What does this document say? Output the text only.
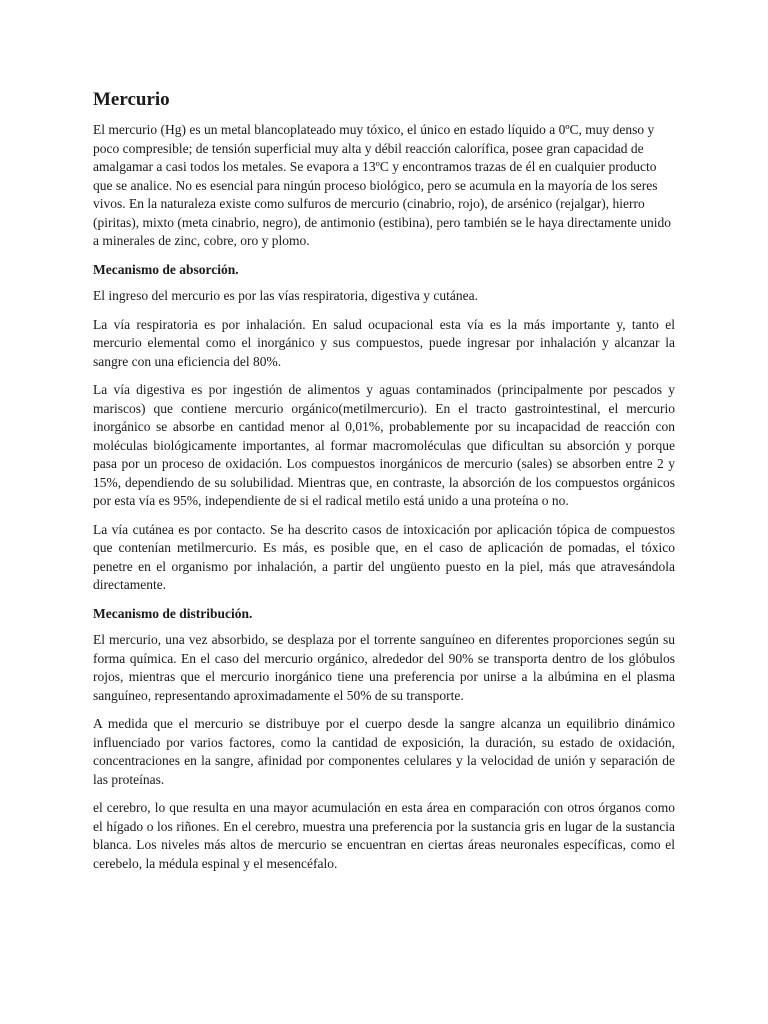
Mercurio

El mercurio (Hg) es un metal blancoplateado muy tóxico, el único en estado líquido a 0ºC, muy denso y poco compresible; de tensión superficial muy alta y débil reacción calorífica, posee gran capacidad de amalgamar a casi todos los metales. Se evapora a 13ºC y encontramos trazas de él en cualquier producto que se analice. No es esencial para ningún proceso biológico, pero se acumula en la mayoría de los seres vivos. En la naturaleza existe como sulfuros de mercurio (cinabrio, rojo), de arsénico (rejalgar), hierro (piritas), mixto (meta cinabrio, negro), de antimonio (estibina), pero también se le haya directamente unido a minerales de zinc, cobre, oro y plomo.

Mecanismo de absorción.

El ingreso del mercurio es por las vías respiratoria, digestiva y cutánea.

La vía respiratoria es por inhalación. En salud ocupacional esta vía es la más importante y, tanto el mercurio elemental como el inorgánico y sus compuestos, puede ingresar por inhalación y alcanzar la sangre con una eficiencia del 80%.

La vía digestiva es por ingestión de alimentos y aguas contaminados (principalmente por pescados y mariscos) que contiene mercurio orgánico(metilmercurio). En el tracto gastrointestinal, el mercurio inorgánico se absorbe en cantidad menor al 0,01%, probablemente por su incapacidad de reacción con moléculas biológicamente importantes, al formar macromoléculas que dificultan su absorción y porque pasa por un proceso de oxidación. Los compuestos inorgánicos de mercurio (sales) se absorben entre 2 y 15%, dependiendo de su solubilidad. Mientras que, en contraste, la absorción de los compuestos orgánicos por esta vía es 95%, independiente de si el radical metilo está unido a una proteína o no.

La vía cutánea es por contacto. Se ha descrito casos de intoxicación por aplicación tópica de compuestos que contenían metilmercurio. Es más, es posible que, en el caso de aplicación de pomadas, el tóxico penetre en el organismo por inhalación, a partir del ungüento puesto en la piel, más que atravesándola directamente.

Mecanismo de distribución.

El mercurio, una vez absorbido, se desplaza por el torrente sanguíneo en diferentes proporciones según su forma química. En el caso del mercurio orgánico, alrededor del 90% se transporta dentro de los glóbulos rojos, mientras que el mercurio inorgánico tiene una preferencia por unirse a la albúmina en el plasma sanguíneo, representando aproximadamente el 50% de su transporte.

A medida que el mercurio se distribuye por el cuerpo desde la sangre alcanza un equilibrio dinámico influenciado por varios factores, como la cantidad de exposición, la duración, su estado de oxidación, concentraciones en la sangre, afinidad por componentes celulares y la velocidad de unión y separación de las proteínas.

el cerebro, lo que resulta en una mayor acumulación en esta área en comparación con otros órganos como el hígado o los riñones. En el cerebro, muestra una preferencia por la sustancia gris en lugar de la sustancia blanca. Los niveles más altos de mercurio se encuentran en ciertas áreas neuronales específicas, como el cerebelo, la médula espinal y el mesencéfalo.
